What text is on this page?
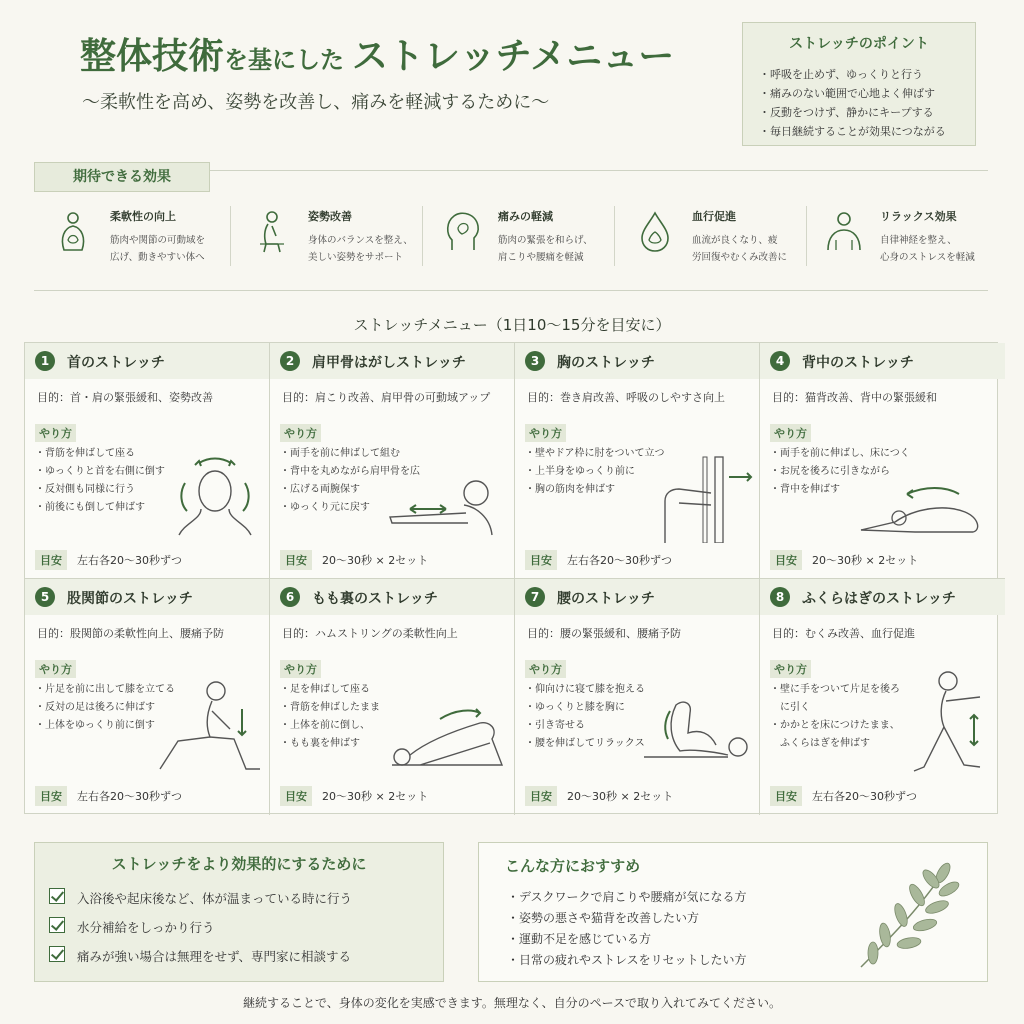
整体技術を基にした ストレッチメニュー
〜柔軟性を高め、姿勢を改善し、痛みを軽減するために〜
ストレッチのポイント
・呼吸を止めず、ゆっくりと行う
・痛みのない範囲で心地よく伸ばす
・反動をつけず、静かにキープする
・毎日継続することが効果につながる
期待できる効果
柔軟性の向上
筋肉や関節の可動域を
広げ、動きやすい体へ
姿勢改善
身体のバランスを整え、
美しい姿勢をサポート
痛みの軽減
筋肉の緊張を和らげ、
肩こりや腰痛を軽減
血行促進
血流が良くなり、疲
労回復やむくみ改善に
リラックス効果
自律神経を整え、
心身のストレスを軽減
ストレッチメニュー（1日10〜15分を目安に）
1	首のストレッチ
目的：首・肩の緊張緩和、姿勢改善
やり方
・背筋を伸ばして座る
・ゆっくりと首を右側に倒す
・反対側も同様に行う
・前後にも倒して伸ばす
目安	左右各20〜30秒ずつ
2	肩甲骨はがしストレッチ
目的：肩こり改善、肩甲骨の可動域アップ
やり方
・両手を前に伸ばして組む
・背中を丸めながら肩甲骨を広
・広げる両腕保す
・ゆっくり元に戻す
目安	20〜30秒 × 2セット
3	胸のストレッチ
目的：巻き肩改善、呼吸のしやすさ向上
やり方
・壁やドア枠に肘をついて立つ
・上半身をゆっくり前に
・胸の筋肉を伸ばす
目安	左右各20〜30秒ずつ
4	背中のストレッチ
目的：猫背改善、背中の緊張緩和
やり方
・両手を前に伸ばし、床につく
・お尻を後ろに引きながら
・背中を伸ばす
目安	20〜30秒 × 2セット
5	股関節のストレッチ
目的：股関節の柔軟性向上、腰痛予防
やり方
・片足を前に出して膝を立てる
・反対の足は後ろに伸ばす
・上体をゆっくり前に倒す
目安	左右各20〜30秒ずつ
6	もも裏のストレッチ
目的：ハムストリングの柔軟性向上
やり方
・足を伸ばして座る
・背筋を伸ばしたまま
・上体を前に倒し、
・もも裏を伸ばす
目安	20〜30秒 × 2セット
7	腰のストレッチ
目的：腰の緊張緩和、腰痛予防
やり方
・仰向けに寝て膝を抱える
・ゆっくりと膝を胸に
・引き寄せる
・腰を伸ばしてリラックス
目安	20〜30秒 × 2セット
8	ふくらはぎのストレッチ
目的：むくみ改善、血行促進
やり方
・壁に手をついて片足を後ろ
　に引く
・かかとを床につけたまま、
　ふくらはぎを伸ばす
目安	左右各20〜30秒ずつ
ストレッチをより効果的にするために
入浴後や起床後など、体が温まっている時に行う
水分補給をしっかり行う
痛みが強い場合は無理をせず、専門家に相談する
こんな方におすすめ
・デスクワークで肩こりや腰痛が気になる方
・姿勢の悪さや猫背を改善したい方
・運動不足を感じている方
・日常の疲れやストレスをリセットしたい方
継続することで、身体の変化を実感できます。無理なく、自分のペースで取り入れてみてください。
